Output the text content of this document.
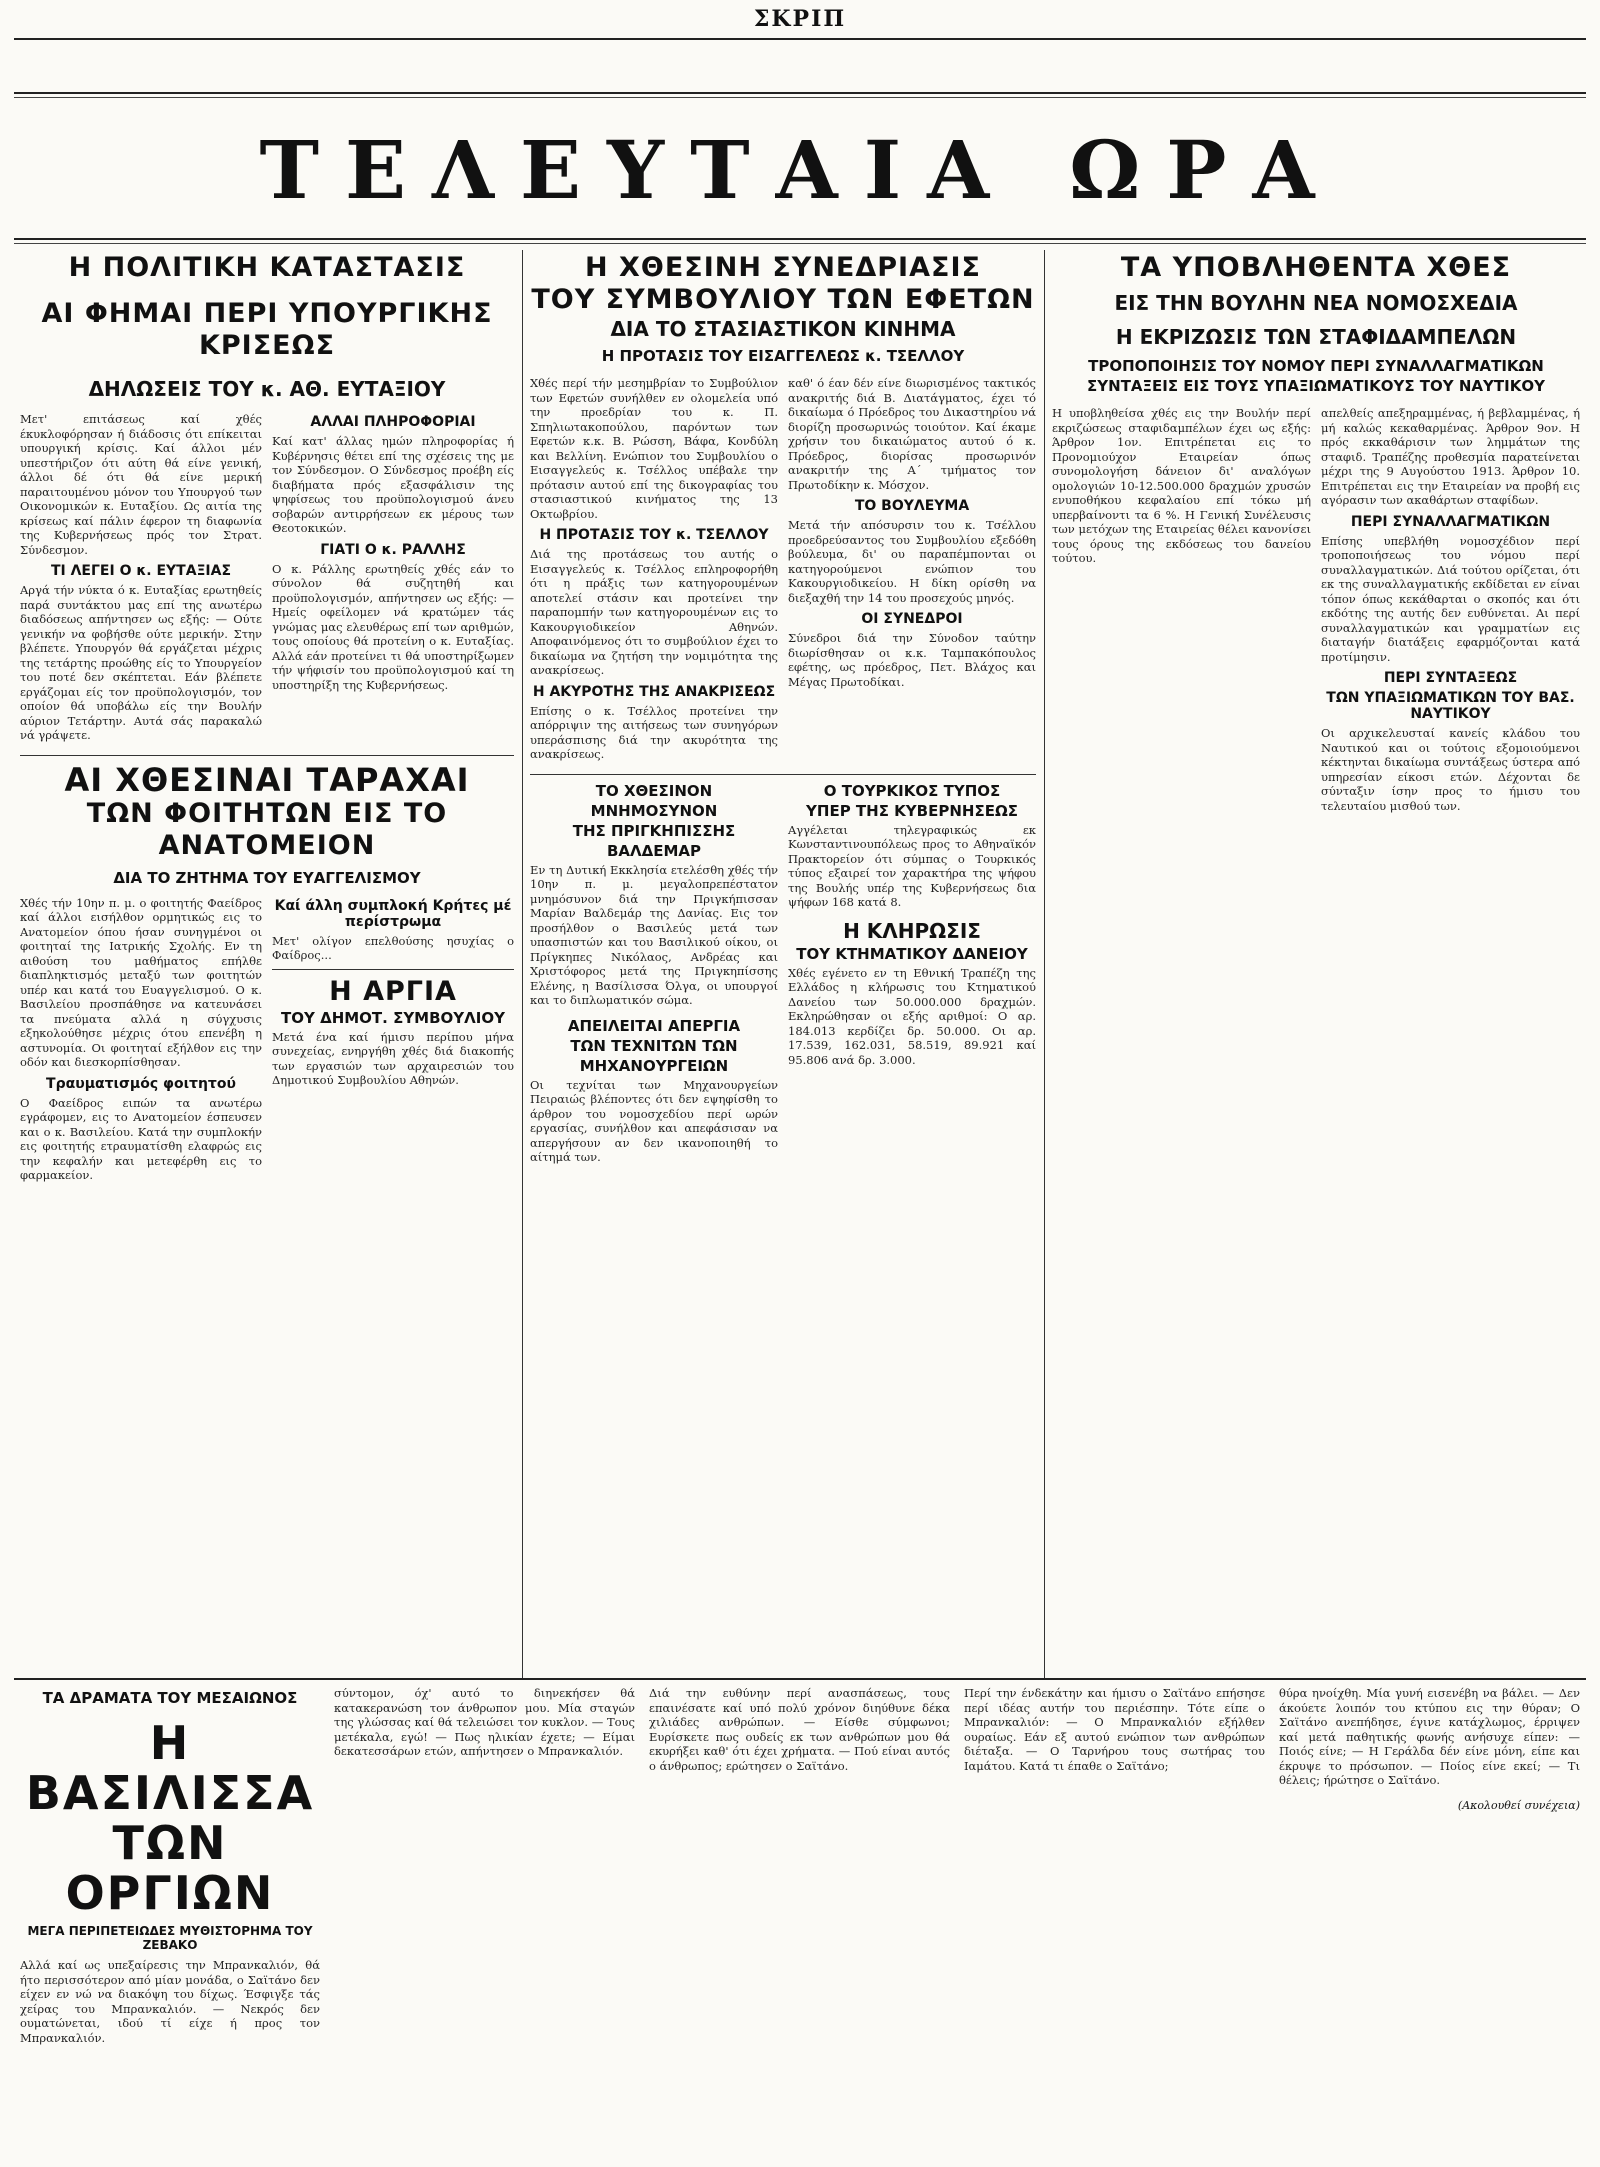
ΣΚΡΙΠ
ΤΕΛΕΥΤΑΙΑ ΩΡΑ

Η ΠΟΛΙΤΙΚΗ ΚΑΤΑΣΤΑΣΙΣ

ΑΙ ΦΗΜΑΙ ΠΕΡΙ ΥΠΟΥΡΓΙΚΗΣ ΚΡΙΣΕΩΣ

ΔΗΛΩΣΕΙΣ ΤΟΥ κ. ΑΘ. ΕΥΤΑΞΙΟΥ

Μετ' επιτάσεως καί χθές έκυκλοφόρησαν ή διάδοσις ότι επίκειται υπουργική κρίσις. Καί άλλοι μέν υπεστήριζον ότι αύτη θά είνε γενική, άλλοι δέ ότι θά είνε μερική παραιτουμένου μόνον του Υπουργού των Οικονομικών κ. Ευταξίου. Ως αιτία της κρίσεως καί πάλιν έφερον τη διαφωνία της Κυβερνήσεως πρός τον Στρατ. Σύνδεσμον.

ΤΙ ΛΕΓΕΙ Ο κ. ΕΥΤΑΞΙΑΣ

Αργά τήν νύκτα ό κ. Ευταξίας ερωτηθείς παρά συντάκτου μας επί της ανωτέρω διαδόσεως απήντησεν ως εξής: — Ούτε γενικήν να φοβήσθε ούτε μερικήν. Στην βλέπετε. Υπουργόν θά εργάζεται μέχρις της τετάρτης προώθης είς το Υπουργείον του ποτέ δεν σκέπτεται. Εάν βλέπετε εργάζομαι είς τον προϋπολογισμόν, τον οποίον θά υποβάλω είς την Βουλήν αύριον Τετάρτην. Αυτά σάς παρακαλώ νά γράψετε.

ΑΛΛΑΙ ΠΛΗΡΟΦΟΡΙΑΙ

Καί κατ' άλλας ημών πληροφορίας ή Κυβέρνησις θέτει επί της σχέσεις της με τον Σύνδεσμον. Ο Σύνδεσμος προέβη είς διαβήματα πρός εξασφάλισιν της ψηφίσεως του προϋπολογισμού άνευ σοβαρών αντιρρήσεων εκ μέρους των Θεοτοκικών.

ΓΙΑΤΙ Ο κ. ΡΑΛΛΗΣ

Ο κ. Ράλλης ερωτηθείς χθές εάν το σύνολον θά συζητηθή και προϋπολογισμόν, απήντησεν ως εξής: — Ημείς οφείλομεν νά κρατώμεν τάς γνώμας μας ελευθέρως επί των αριθμών, τους οποίους θά προτείνη ο κ. Ευταξίας. Αλλά εάν προτείνει τι θά υποστηρίξωμεν τήν ψήφισίν του προϋπολογισμού καί τη υποστηρίξη της Κυβερνήσεως.

ΑΙ ΧΘΕΣΙΝΑΙ ΤΑΡΑΧΑΙ

ΤΩΝ ΦΟΙΤΗΤΩΝ ΕΙΣ ΤΟ ΑΝΑΤΟΜΕΙΟΝ

ΔΙΑ ΤΟ ΖΗΤΗΜΑ ΤΟΥ ΕΥΑΓΓΕΛΙΣΜΟΥ

Χθές τήν 10ην π. μ. ο φοιτητής Φαείδρος καί άλλοι εισήλθον ορμητικώς εις το Ανατομείον όπου ήσαν συνηγμένοι οι φοιτηταί της Ιατρικής Σχολής. Εν τη αιθούση του μαθήματος επήλθε διαπληκτισμός μεταξύ των φοιτητών υπέρ και κατά του Ευαγγελισμού. Ο κ. Βασιλείου προσπάθησε να κατευνάσει τα πνεύματα αλλά η σύγχυσις εξηκολούθησε μέχρις ότου επενέβη η αστυνομία. Οι φοιτηταί εξήλθον εις την οδόν και διεσκορπίσθησαν.

Τραυματισμός φοιτητού

Ο Φαείδρος ειπών τα ανωτέρω εγράφομεν, εις το Ανατομείον έσπευσεν και ο κ. Βασιλείου. Κατά την συμπλοκήν εις φοιτητής ετραυματίσθη ελαφρώς εις την κεφαλήν και μετεφέρθη εις το φαρμακείον.

Καί άλλη συμπλοκή Κρήτες μέ περίστρωμα

Μετ' ολίγον επελθούσης ησυχίας ο Φαίδρος...

Η ΑΡΓΙΑ

ΤΟΥ ΔΗΜΟΤ. ΣΥΜΒΟΥΛΙΟΥ

Μετά ένα καί ήμισυ περίπου μήνα συνεχείας, ενηργήθη χθές διά διακοπής των εργασιών των αρχαιρεσιών του Δημοτικού Συμβουλίου Αθηνών.

Η ΧΘΕΣΙΝΗ ΣΥΝΕΔΡΙΑΣΙΣ

ΤΟΥ ΣΥΜΒΟΥΛΙΟΥ ΤΩΝ ΕΦΕΤΩΝ

ΔΙΑ ΤΟ ΣΤΑΣΙΑΣΤΙΚΟΝ ΚΙΝΗΜΑ

Η ΠΡΟΤΑΣΙΣ ΤΟΥ ΕΙΣΑΓΓΕΛΕΩΣ κ. ΤΣΕΛΛΟΥ

Χθές περί τήν μεσημβρίαν το Συμβούλιον των Εφετών συνήλθεν εν ολομελεία υπό την προεδρίαν του κ. Π. Σπηλιωτακοπούλου, παρόντων των Εφετών κ.κ. Β. Ρώσση, Βάφα, Κονδύλη και Βελλίνη. Ενώπιον του Συμβουλίου ο Εισαγγελεύς κ. Τσέλλος υπέβαλε την πρότασιν αυτού επί της δικογραφίας του στασιαστικού κινήματος της 13 Οκτωβρίου.

Η ΠΡΟΤΑΣΙΣ ΤΟΥ κ. ΤΣΕΛΛΟΥ

Διά της προτάσεως του αυτής ο Εισαγγελεύς κ. Τσέλλος επληροφορήθη ότι η πράξις των κατηγορουμένων αποτελεί στάσιν και προτείνει την παραπομπήν των κατηγορουμένων εις το Κακουργιοδικείον Αθηνών. Αποφαινόμενος ότι το συμβούλιον έχει το δικαίωμα να ζητήση την νομιμότητα της ανακρίσεως.

Η ΑΚΥΡΟΤΗΣ ΤΗΣ ΑΝΑΚΡΙΣΕΩΣ

Επίσης ο κ. Τσέλλος προτείνει την απόρριψιν της αιτήσεως των συνηγόρων υπεράσπισης διά την ακυρότητα της ανακρίσεως.

καθ' ό έαν δέν είνε διωρισμένος τακτικός ανακριτής διά Β. Διατάγματος, έχει τό δικαίωμα ό Πρόεδρος του Δικαστηρίου νά διορίζη προσωρινώς τοιούτον. Καί έκαμε χρήσιν του δικαιώματος αυτού ό κ. Πρόεδρος, διορίσας προσωρινόν ανακριτήν της Α΄ τμήματος τον Πρωτοδίκην κ. Μόσχον.

ΤΟ ΒΟΥΛΕΥΜΑ

Μετά τήν απόσυρσιν του κ. Τσέλλου προεδρεύσαντος του Συμβουλίου εξεδόθη βούλευμα, δι' ου παραπέμπονται οι κατηγορούμενοι ενώπιον του Κακουργιοδικείου. Η δίκη ορίσθη να διεξαχθή την 14 του προσεχούς μηνός.

ΟΙ ΣΥΝΕΔΡΟΙ

Σύνεδροι διά την Σύνοδον ταύτην διωρίσθησαν οι κ.κ. Ταμπακόπουλος εφέτης, ως πρόεδρος, Πετ. Βλάχος και Μέγας Πρωτοδίκαι.

ΤΟ ΧΘΕΣΙΝΟΝ ΜΝΗΜΟΣΥΝΟΝ

ΤΗΣ ΠΡΙΓΚΗΠΙΣΣΗΣ ΒΑΛΔΕΜΑΡ

Εν τη Δυτική Εκκλησία ετελέσθη χθές τήν 10ην π. μ. μεγαλοπρεπέστατον μνημόσυνον διά την Πριγκήπισσαν Μαρίαν Βαλδεμάρ της Δανίας. Εις τον προσήλθον ο Βασιλεύς μετά των υπασπιστών και του Βασιλικού οίκου, οι Πρίγκηπες Νικόλαος, Ανδρέας και Χριστόφορος μετά της Πριγκηπίσσης Ελένης, η Βασίλισσα Όλγα, οι υπουργοί και το διπλωματικόν σώμα.

ΑΠΕΙΛΕΙΤΑΙ ΑΠΕΡΓΙΑ

ΤΩΝ ΤΕΧΝΙΤΩΝ ΤΩΝ ΜΗΧΑΝΟΥΡΓΕΙΩΝ

Οι τεχνίται των Μηχανουργείων Πειραιώς βλέποντες ότι δεν εψηφίσθη το άρθρον του νομοσχεδίου περί ωρών εργασίας, συνήλθον και απεφάσισαν να απεργήσουν αν δεν ικανοποιηθή το αίτημά των.

Ο ΤΟΥΡΚΙΚΟΣ ΤΥΠΟΣ

ΥΠΕΡ ΤΗΣ ΚΥΒΕΡΝΗΣΕΩΣ

Αγγέλεται τηλεγραφικώς εκ Κωνσταντινουπόλεως προς το Αθηναϊκόν Πρακτορείον ότι σύμπας ο Τουρκικός τύπος εξαιρεί τον χαρακτήρα της ψήφου της Βουλής υπέρ της Κυβερνήσεως δια ψήφων 168 κατά 8.

Η ΚΛΗΡΩΣΙΣ

ΤΟΥ ΚΤΗΜΑΤΙΚΟΥ ΔΑΝΕΙΟΥ

Χθές εγένετο εν τη Εθνική Τραπέζη της Ελλάδος η κλήρωσις του Κτηματικού Δανείου των 50.000.000 δραχμών. Εκληρώθησαν οι εξής αριθμοί: Ο αρ. 184.013 κερδίζει δρ. 50.000. Οι αρ. 17.539, 162.031, 58.519, 89.921 καί 95.806 ανά δρ. 3.000.

ΤΑ ΥΠΟΒΛΗΘΕΝΤΑ ΧΘΕΣ

ΕΙΣ ΤΗΝ ΒΟΥΛΗΝ ΝΕΑ ΝΟΜΟΣΧΕΔΙΑ

Η ΕΚΡΙΖΩΣΙΣ ΤΩΝ ΣΤΑΦΙΔΑΜΠΕΛΩΝ

ΤΡΟΠΟΠΟΙΗΣΙΣ ΤΟΥ ΝΟΜΟΥ ΠΕΡΙ ΣΥΝΑΛΛΑΓΜΑΤΙΚΩΝ

ΣΥΝΤΑΞΕΙΣ ΕΙΣ ΤΟΥΣ ΥΠΑΞΙΩΜΑΤΙΚΟΥΣ ΤΟΥ ΝΑΥΤΙΚΟΥ

Η υποβληθείσα χθές εις την Βουλήν περί εκριζώσεως σταφιδαμπέλων έχει ως εξής: Άρθρον 1ον. Επιτρέπεται εις το Προνομιούχον Εταιρείαν όπως συνομολογήση δάνειον δι' αναλόγων ομολογιών 10-12.500.000 δραχμών χρυσών ενυποθήκου κεφαλαίου επί τόκω μή υπερβαίνοντι τα 6 %. Η Γενική Συνέλευσις των μετόχων της Εταιρείας θέλει κανονίσει τους όρους της εκδόσεως του δανείου τούτου.

απελθείς απεξηραμμένας, ή βεβλαμμένας, ή μή καλώς κεκαθαρμένας. Άρθρον 9ον. Η πρός εκκαθάρισιν των λημμάτων της σταφιδ. Τραπέζης προθεσμία παρατείνεται μέχρι της 9 Αυγούστου 1913. Άρθρον 10. Επιτρέπεται εις την Εταιρείαν να προβή εις αγόρασιν των ακαθάρτων σταφίδων.

ΠΕΡΙ ΣΥΝΑΛΛΑΓΜΑΤΙΚΩΝ

Επίσης υπεβλήθη νομοσχέδιον περί τροποποιήσεως του νόμου περί συναλλαγματικών. Διά τούτου ορίζεται, ότι εκ της συναλλαγματικής εκδίδεται εν είναι τόπον όπως κεκάθαρται ο σκοπός και ότι εκδότης της αυτής δεν ευθύνεται. Αι περί συναλλαγματικών και γραμματίων εις διαταγήν διατάξεις εφαρμόζονται κατά προτίμησιν.

ΠΕΡΙ ΣΥΝΤΑΞΕΩΣ

ΤΩΝ ΥΠΑΞΙΩΜΑΤΙΚΩΝ ΤΟΥ ΒΑΣ. ΝΑΥΤΙΚΟΥ

Οι αρχικελευσταί κανείς κλάδου του Ναυτικού και οι τούτοις εξομοιούμενοι κέκτηνται δικαίωμα συντάξεως ύστερα από υπηρεσίαν είκοσι ετών. Δέχονται δε σύνταξιν ίσην προς το ήμισυ του τελευταίου μισθού των.

ΤΑ ΔΡΑΜΑΤΑ ΤΟΥ ΜΕΣΑΙΩΝΟΣ

Η ΒΑΣΙΛΙΣΣΑ

ΤΩΝ ΟΡΓΙΩΝ

ΜΕΓΑ ΠΕΡΙΠΕΤΕΙΩΔΕΣ ΜΥΘΙΣΤΟΡΗΜΑ ΤΟΥ ΖΕΒΑΚΟ

Αλλά καί ως υπεξαίρεσις την Μπρανκαλιόν, θά ήτο περισσότερον από μίαν μονάδα, ο Σαϊτάνο δεν είχεν εν νώ να διακόψη του δίχως. Έσφιγξε τάς χείρας του Μπρανκαλιόν. — Νεκρός δεν ουματώνεται, ιδού τί είχε ή προς τον Μπρανκαλιόν.

σύντομον, όχ' αυτό το διηνεκήσεν θά κατακερανώση τον άνθρωπον μου. Μία σταγών της γλώσσας καί θά τελειώσει τον κυκλον. — Τους μετέκαλα, εγώ! — Πως ηλικίαν έχετε; — Είμαι δεκατεσσάρων ετών, απήντησεν ο Μπρανκαλιόν.

Διά την ευθύνην περί ανασπάσεως, τους επαινέσατε καί υπό πολύ χρόνον διηύθυνε δέκα χιλιάδες ανθρώπων. — Είσθε σύμφωνοι; Ευρίσκετε πως ουδείς εκ των ανθρώπων μου θά εκυρήξει καθ' ότι έχει χρήματα. — Πού είναι αυτός ο άνθρωπος; ερώτησεν ο Σαϊτάνο.

Περί την ένδεκάτην και ήμισυ ο Σαϊτάνο επήσησε περί ιδέας αυτήν του περιέσπην. Τότε είπε ο Μπρανκαλιόν: — Ο Μπρανκαλιόν εξήλθεν ουραίως. Εάν εξ αυτού ενώπιον των ανθρώπων διέταξα. — Ο Ταρνήρου τους σωτήρας του Ιαμάτου. Κατά τι έπαθε ο Σαϊτάνο;

θύρα ηνοίχθη. Μία γυνή εισενέβη να βάλει. — Δεν άκούετε λοιπόν του κτύπου εις την θύραν; Ο Σαϊτάνο ανεπήδησε, έγινε κατάχλωμος, έρριψεν καί μετά παθητικής φωνής ανήσυχε είπεν: — Ποιός είνε; — Η Γεράλδα δέν είνε μόνη, είπε και έκρυψε το πρόσωπον. — Ποίος είνε εκεί; — Τι θέλεις; ήρώτησε ο Σαϊτάνο.

(Ακολουθεί συνέχεια)
